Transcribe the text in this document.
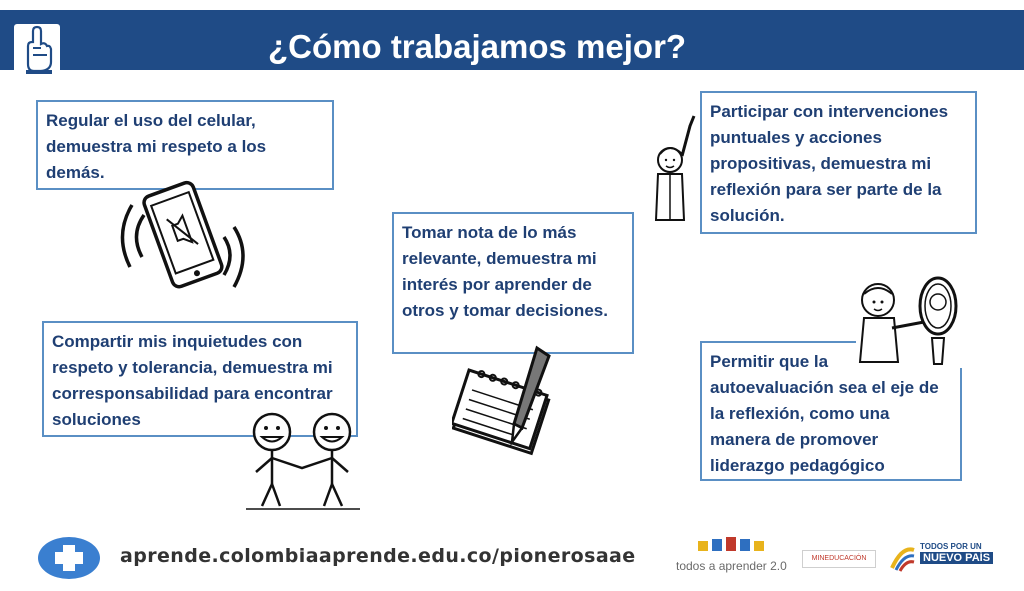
¿Cómo trabajamos mejor?
Regular el uso del celular, demuestra mi respeto a los demás.
Tomar nota de lo más relevante, demuestra mi interés por aprender de otros y tomar decisiones.
Participar con intervenciones puntuales y acciones propositivas, demuestra mi reflexión para ser parte de la solución.
Compartir mis inquietudes con respeto y tolerancia, demuestra mi corresponsabilidad para encontrar soluciones
Permitir que la autoevaluación sea el eje de la reflexión, como una manera de promover liderazgo pedagógico
aprende.colombiaaprende.edu.co/pionerosaae	todos a aprender 2.0
MINEDUCACIÓN
TODOS POR UN
NUEVO PAÍS
